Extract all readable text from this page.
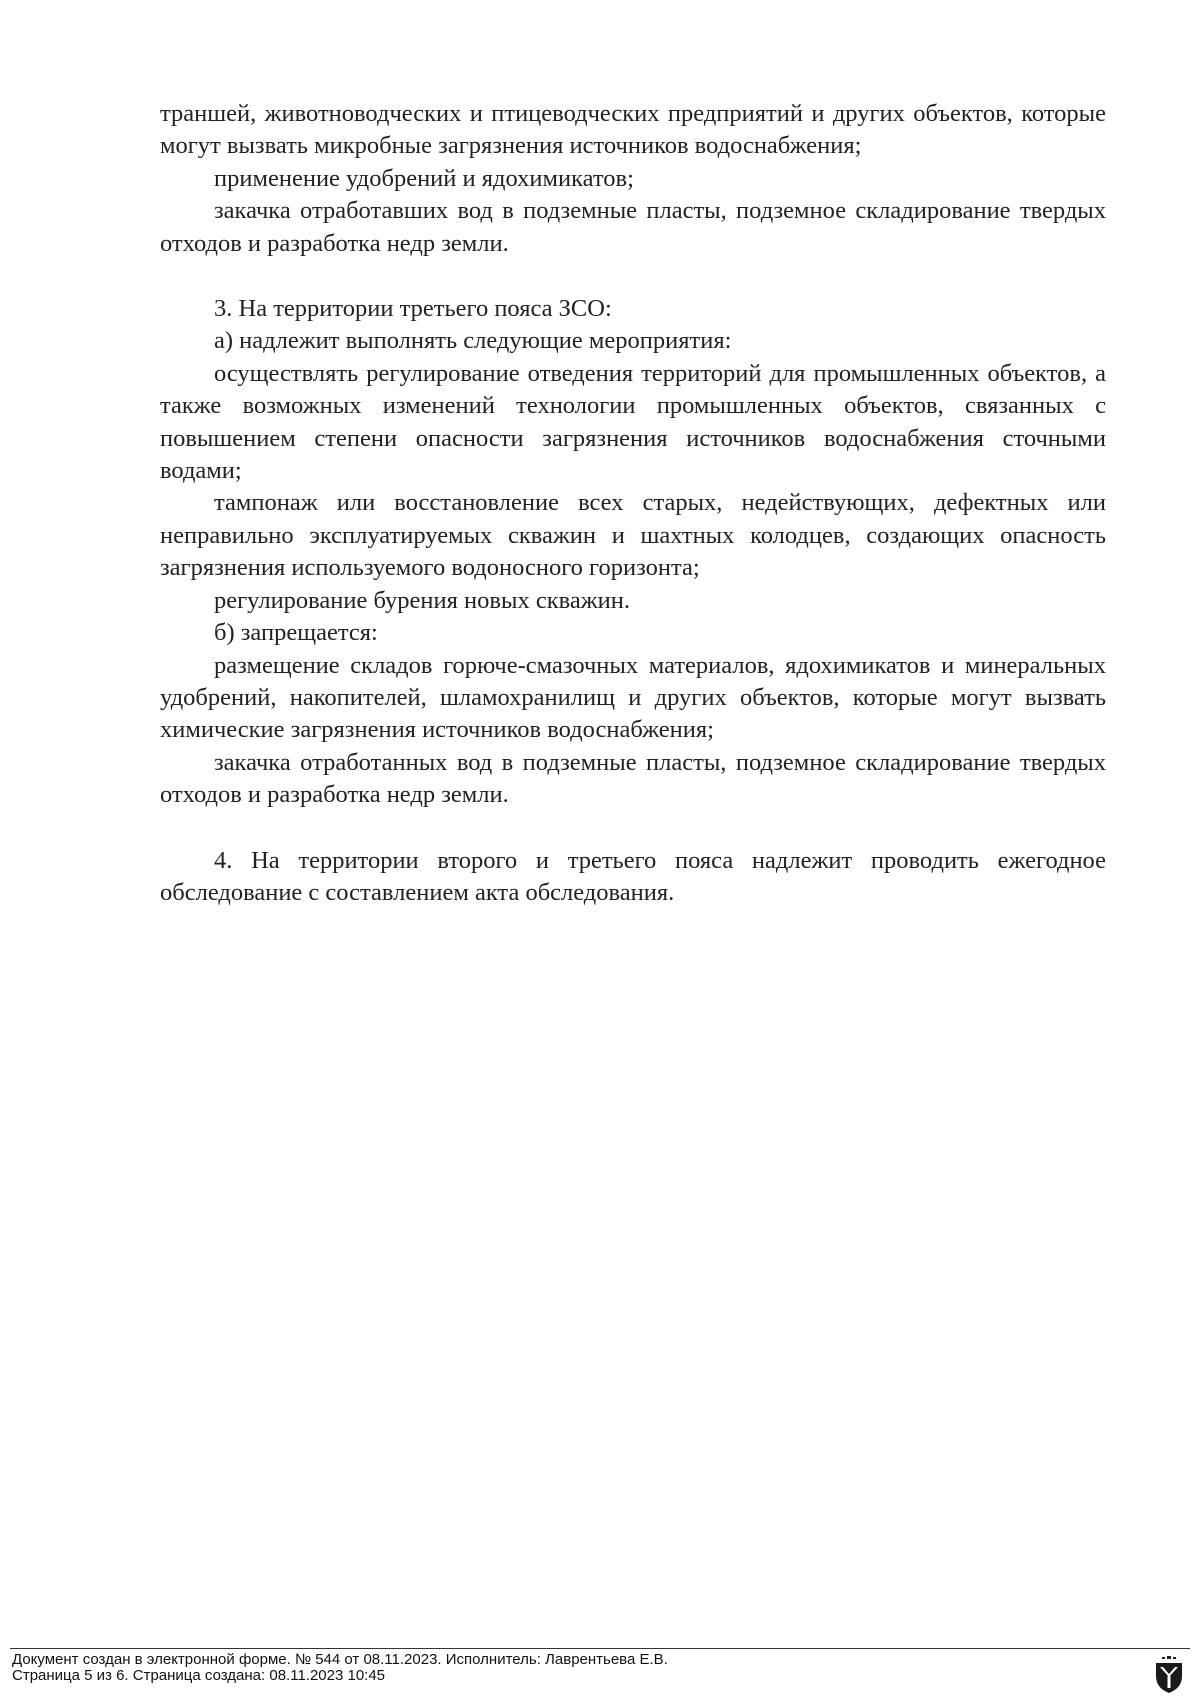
траншей, животноводческих и птицеводческих предприятий и других объектов, которые могут вызвать микробные загрязнения источников водоснабжения;

применение удобрений и ядохимикатов;

закачка отработавших вод в подземные пласты, подземное складирование твердых отходов и разработка недр земли.

3. На территории третьего пояса ЗСО:

а) надлежит выполнять следующие мероприятия:

осуществлять регулирование отведения территорий для промышленных объектов, а также возможных изменений технологии промышленных объектов, связанных с повышением степени опасности загрязнения источников водоснабжения сточными водами;

тампонаж или восстановление всех старых, недействующих, дефектных или неправильно эксплуатируемых скважин и шахтных колодцев, создающих опасность загрязнения используемого водоносного горизонта;

регулирование бурения новых скважин.

б) запрещается:

размещение складов горюче-смазочных материалов, ядохимикатов и минеральных удобрений, накопителей, шламохранилищ и других объектов, которые могут вызвать химические загрязнения источников водоснабжения;

закачка отработанных вод в подземные пласты, подземное складирование твердых отходов и разработка недр земли.

4. На территории второго и третьего пояса надлежит проводить ежегодное обследование с составлением акта обследования.

Документ создан в электронной форме. № 544 от 08.11.2023. Исполнитель: Лаврентьева Е.В.
Страница 5 из 6. Страница создана: 08.11.2023 10:45
